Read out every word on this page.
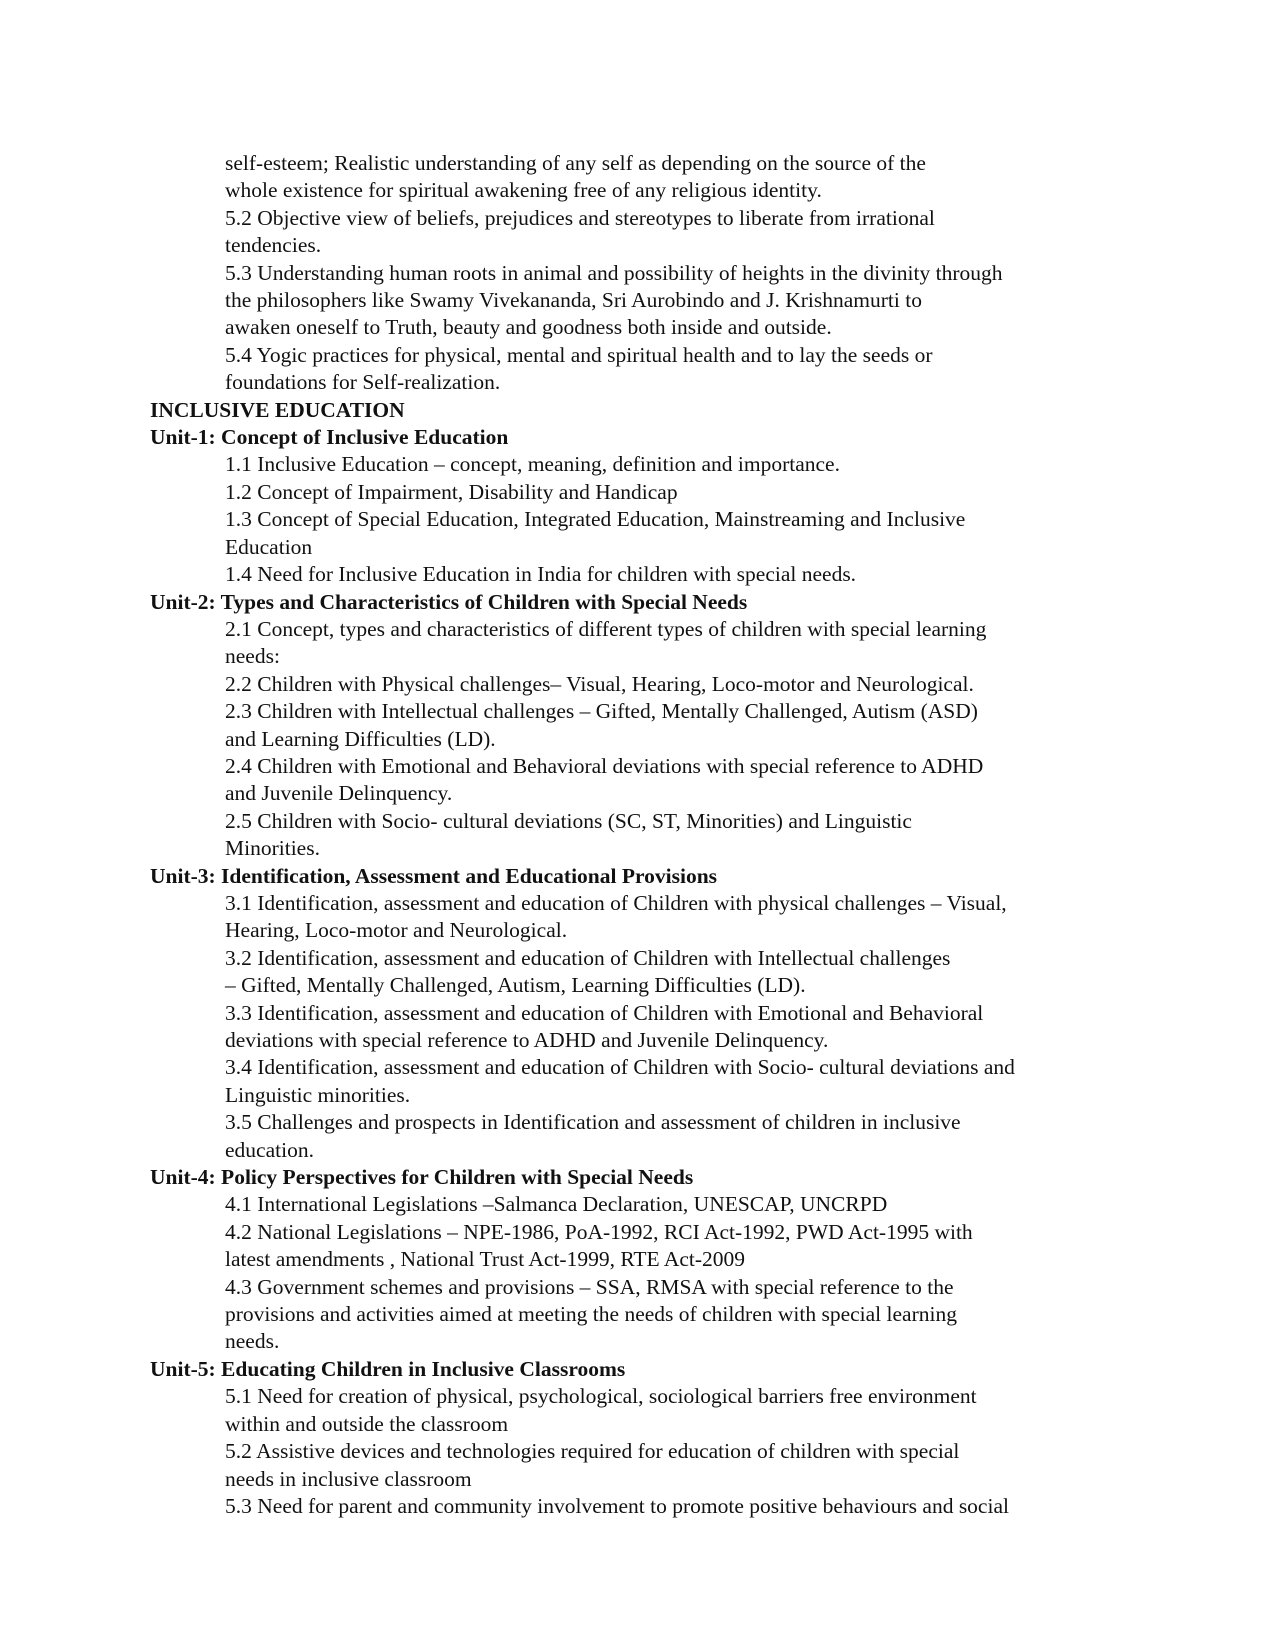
self-esteem; Realistic understanding of any self as depending on the source of the
whole existence for spiritual awakening free of any religious identity.
5.2 Objective view of beliefs, prejudices and stereotypes to liberate from irrational
tendencies.
5.3 Understanding human roots in animal and possibility of heights in the divinity through
the philosophers like Swamy Vivekananda, Sri Aurobindo and J. Krishnamurti to
awaken oneself to Truth, beauty and goodness both inside and outside.
5.4 Yogic practices for physical, mental and spiritual health and to lay the seeds or
foundations for Self-realization.
INCLUSIVE EDUCATION
Unit-1: Concept of Inclusive Education
1.1 Inclusive Education – concept, meaning, definition and importance.
1.2 Concept of Impairment, Disability and Handicap
1.3 Concept of Special Education, Integrated Education, Mainstreaming and Inclusive
Education
1.4 Need for Inclusive Education in India for children with special needs.
Unit-2: Types and Characteristics of Children with Special Needs
2.1 Concept, types and characteristics of different types of children with special learning
needs:
2.2 Children with Physical challenges– Visual, Hearing, Loco-motor and Neurological.
2.3 Children with Intellectual challenges – Gifted, Mentally Challenged, Autism (ASD)
and Learning Difficulties (LD).
2.4 Children with Emotional and Behavioral deviations with special reference to ADHD
and Juvenile Delinquency.
2.5 Children with Socio- cultural deviations (SC, ST, Minorities) and Linguistic
Minorities.
Unit-3: Identification, Assessment and Educational Provisions
3.1 Identification, assessment and education of Children with physical challenges – Visual,
Hearing, Loco-motor and Neurological.
3.2 Identification, assessment and education of Children with Intellectual challenges
– Gifted, Mentally Challenged, Autism, Learning Difficulties (LD).
3.3 Identification, assessment and education of Children with Emotional and Behavioral
deviations with special reference to ADHD and Juvenile Delinquency.
3.4 Identification, assessment and education of Children with Socio- cultural deviations and
Linguistic minorities.
3.5 Challenges and prospects in Identification and assessment of children in inclusive
education.
Unit-4: Policy Perspectives for Children with Special Needs
4.1 International Legislations –Salmanca Declaration, UNESCAP, UNCRPD
4.2 National Legislations – NPE-1986, PoA-1992, RCI Act-1992, PWD Act-1995 with
latest amendments , National Trust Act-1999, RTE Act-2009
4.3 Government schemes and provisions – SSA, RMSA with special reference to the
provisions and activities aimed at meeting the needs of children with special learning
needs.
Unit-5: Educating Children in Inclusive Classrooms
5.1 Need for creation of physical, psychological, sociological barriers free environment
within and outside the classroom
5.2 Assistive devices and technologies required for education of children with special
needs in inclusive classroom
5.3 Need for parent and community involvement to promote positive behaviours and social
